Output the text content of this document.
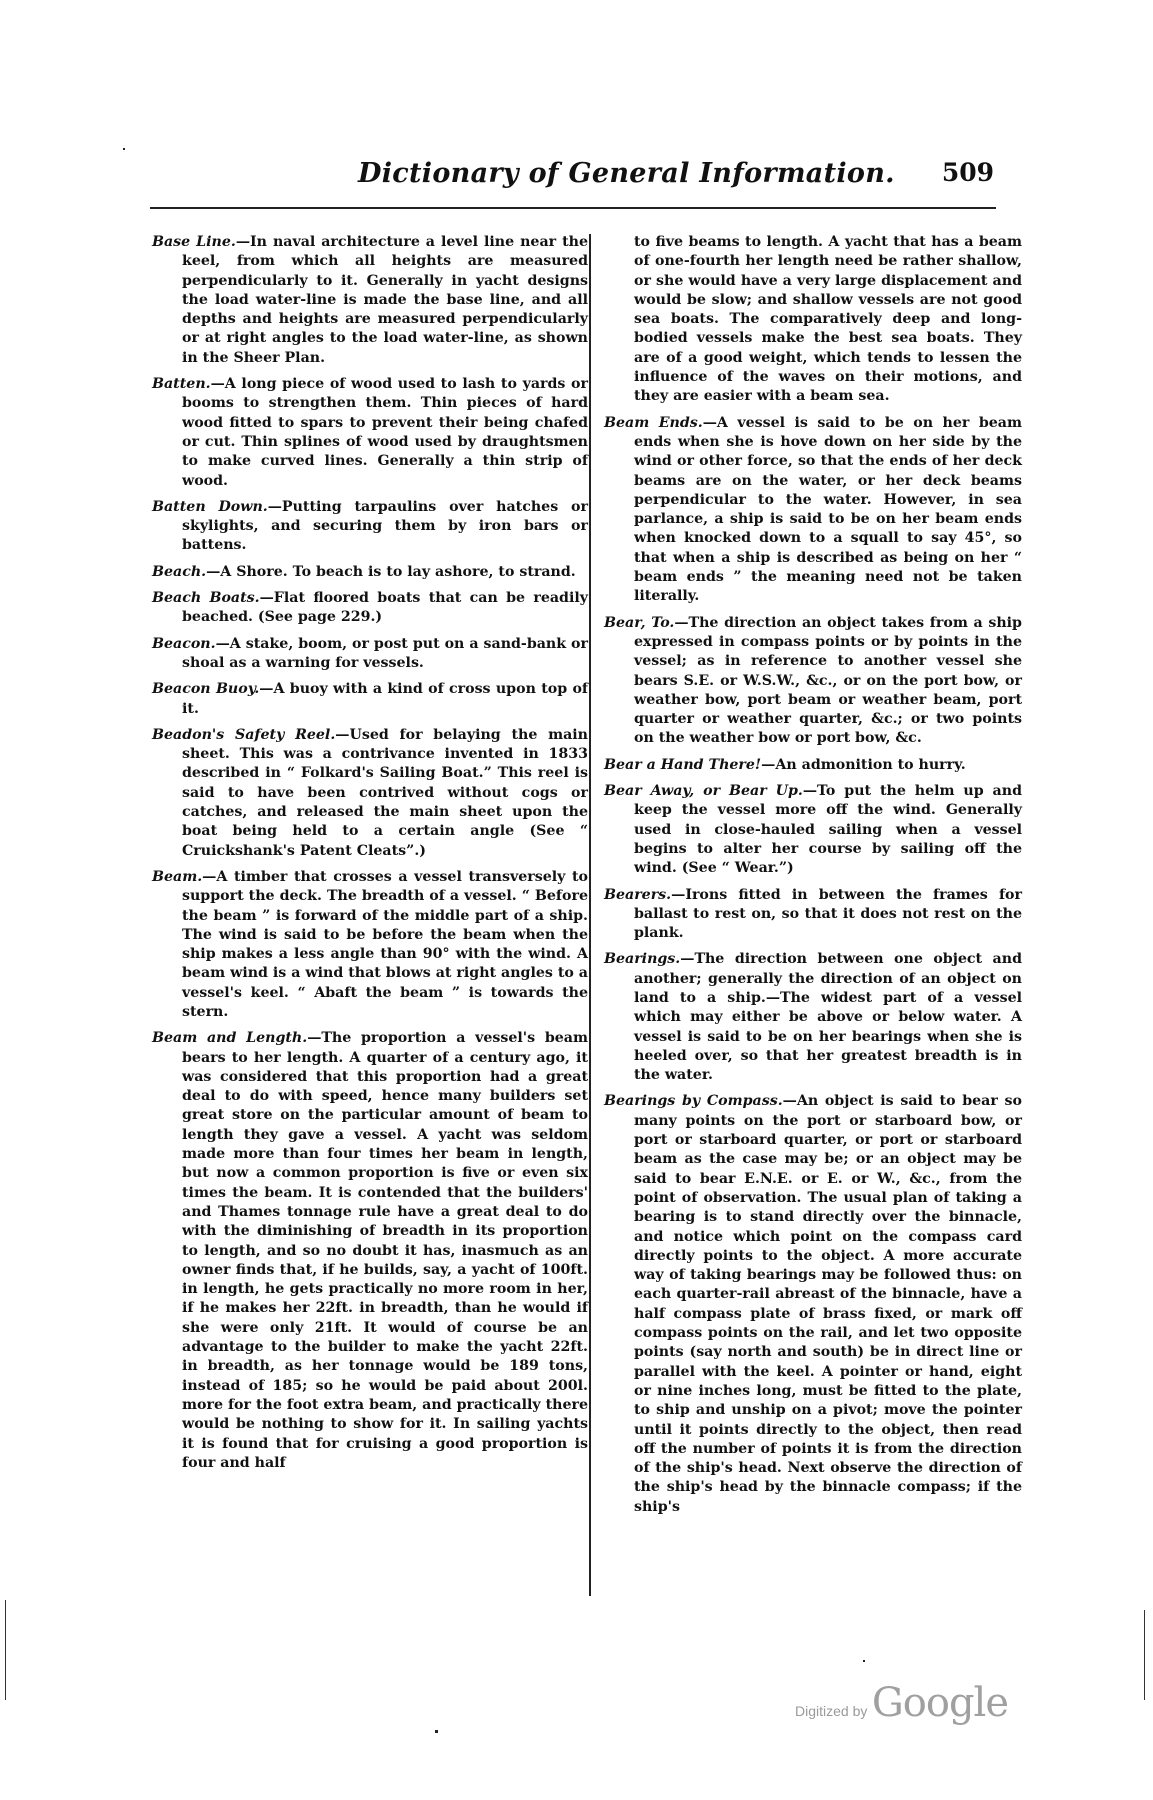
Dictionary of General Information. 509

Base Line.—In naval architecture a level line near the keel, from which all heights are measured perpendicularly to it. Generally in yacht designs the load water-line is made the base line, and all depths and heights are measured perpendicularly or at right angles to the load water-line, as shown in the Sheer Plan.

Batten.—A long piece of wood used to lash to yards or booms to strengthen them. Thin pieces of hard wood fitted to spars to prevent their being chafed or cut. Thin splines of wood used by draughtsmen to make curved lines. Generally a thin strip of wood.

Batten Down.—Putting tarpaulins over hatches or skylights, and securing them by iron bars or battens.

Beach.—A Shore. To beach is to lay ashore, to strand.

Beach Boats.—Flat floored boats that can be readily beached. (See page 229.)

Beacon.—A stake, boom, or post put on a sand-bank or shoal as a warning for vessels.

Beacon Buoy.—A buoy with a kind of cross upon top of it.

Beadon's Safety Reel.—Used for belaying the main sheet. This was a contrivance invented in 1833 described in “ Folkard's Sailing Boat.” This reel is said to have been contrived without cogs or catches, and released the main sheet upon the boat being held to a certain angle (See “ Cruickshank's Patent Cleats”.)

Beam.—A timber that crosses a vessel transversely to support the deck. The breadth of a vessel. “ Before the beam ” is forward of the middle part of a ship. The wind is said to be before the beam when the ship makes a less angle than 90° with the wind. A beam wind is a wind that blows at right angles to a vessel's keel. “ Abaft the beam ” is towards the stern.

Beam and Length.—The proportion a vessel's beam bears to her length. A quarter of a century ago, it was considered that this proportion had a great deal to do with speed, hence many builders set great store on the particular amount of beam to length they gave a vessel. A yacht was seldom made more than four times her beam in length, but now a common proportion is five or even six times the beam. It is contended that the builders' and Thames tonnage rule have a great deal to do with the diminishing of breadth in its proportion to length, and so no doubt it has, inasmuch as an owner finds that, if he builds, say, a yacht of 100ft. in length, he gets practically no more room in her, if he makes her 22ft. in breadth, than he would if she were only 21ft. It would of course be an advantage to the builder to make the yacht 22ft. in breadth, as her tonnage would be 189 tons, instead of 185; so he would be paid about 200l. more for the foot extra beam, and practically there would be nothing to show for it. In sailing yachts it is found that for cruising a good proportion is four and half

to five beams to length. A yacht that has a beam of one-fourth her length need be rather shallow, or she would have a very large displacement and would be slow; and shallow vessels are not good sea boats. The comparatively deep and long-bodied vessels make the best sea boats. They are of a good weight, which tends to lessen the influence of the waves on their motions, and they are easier with a beam sea.

Beam Ends.—A vessel is said to be on her beam ends when she is hove down on her side by the wind or other force, so that the ends of her deck beams are on the water, or her deck beams perpendicular to the water. However, in sea parlance, a ship is said to be on her beam ends when knocked down to a squall to say 45°, so that when a ship is described as being on her “ beam ends ” the meaning need not be taken literally.

Bear, To.—The direction an object takes from a ship expressed in compass points or by points in the vessel; as in reference to another vessel she bears S.E. or W.S.W., &c., or on the port bow, or weather bow, port beam or weather beam, port quarter or weather quarter, &c.; or two points on the weather bow or port bow, &c.

Bear a Hand There!—An admonition to hurry.

Bear Away, or Bear Up.—To put the helm up and keep the vessel more off the wind. Generally used in close-hauled sailing when a vessel begins to alter her course by sailing off the wind. (See “ Wear.”)

Bearers.—Irons fitted in between the frames for ballast to rest on, so that it does not rest on the plank.

Bearings.—The direction between one object and another; generally the direction of an object on land to a ship.—The widest part of a vessel which may either be above or below water. A vessel is said to be on her bearings when she is heeled over, so that her greatest breadth is in the water.

Bearings by Compass.—An object is said to bear so many points on the port or starboard bow, or port or starboard quarter, or port or starboard beam as the case may be; or an object may be said to bear E.N.E. or E. or W., &c., from the point of observation. The usual plan of taking a bearing is to stand directly over the binnacle, and notice which point on the compass card directly points to the object. A more accurate way of taking bearings may be followed thus: on each quarter-rail abreast of the binnacle, have a half compass plate of brass fixed, or mark off compass points on the rail, and let two opposite points (say north and south) be in direct line or parallel with the keel. A pointer or hand, eight or nine inches long, must be fitted to the plate, to ship and unship on a pivot; move the pointer until it points directly to the object, then read off the number of points it is from the direction of the ship's head. Next observe the direction of the ship's head by the binnacle compass; if the ship's

Digitized by Google
